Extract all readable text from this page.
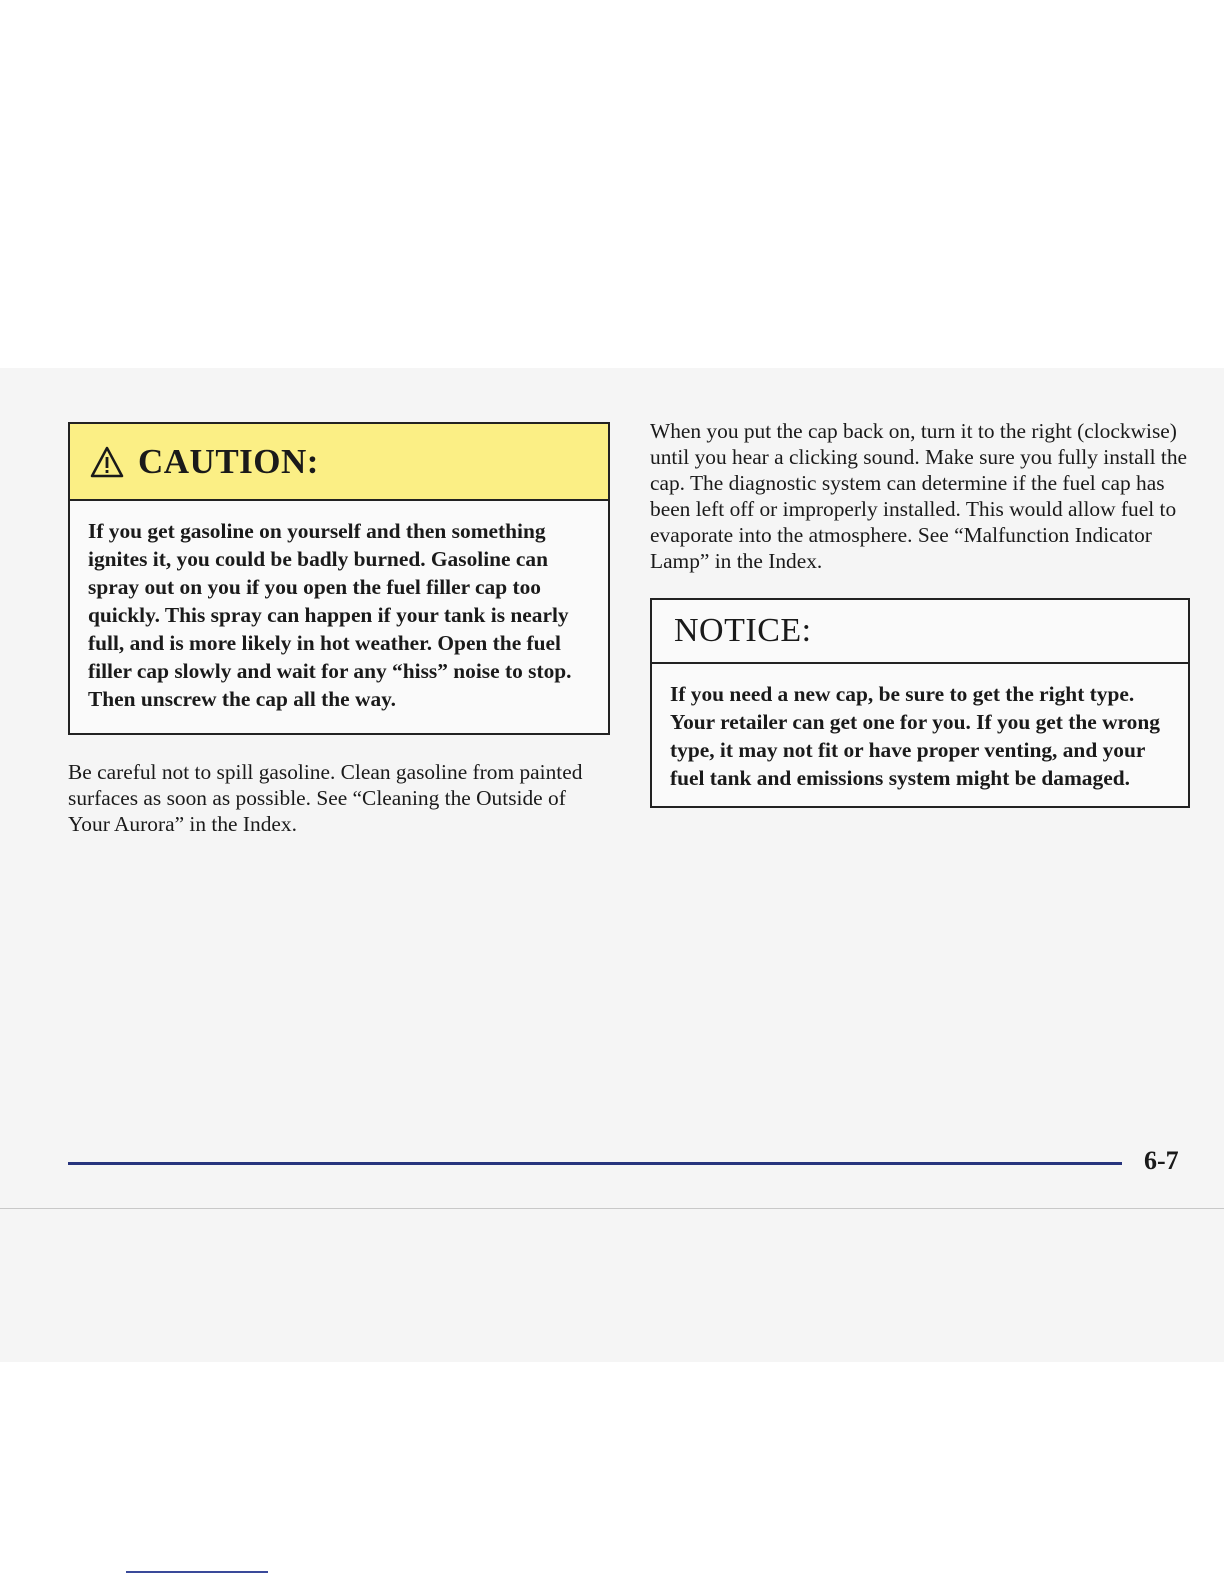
CAUTION:
If you get gasoline on yourself and then something ignites it, you could be badly burned. Gasoline can spray out on you if you open the fuel filler cap too quickly. This spray can happen if your tank is nearly full, and is more likely in hot weather. Open the fuel filler cap slowly and wait for any “hiss” noise to stop. Then unscrew the cap all the way.

Be careful not to spill gasoline. Clean gasoline from painted surfaces as soon as possible. See “Cleaning the Outside of Your Aurora” in the Index.

When you put the cap back on, turn it to the right (clockwise) until you hear a clicking sound. Make sure you fully install the cap. The diagnostic system can determine if the fuel cap has been left off or improperly installed. This would allow fuel to evaporate into the atmosphere. See “Malfunction Indicator Lamp” in the Index.

NOTICE:
If you need a new cap, be sure to get the right type. Your retailer can get one for you. If you get the wrong type, it may not fit or have proper venting, and your fuel tank and emissions system might be damaged.
6-7
